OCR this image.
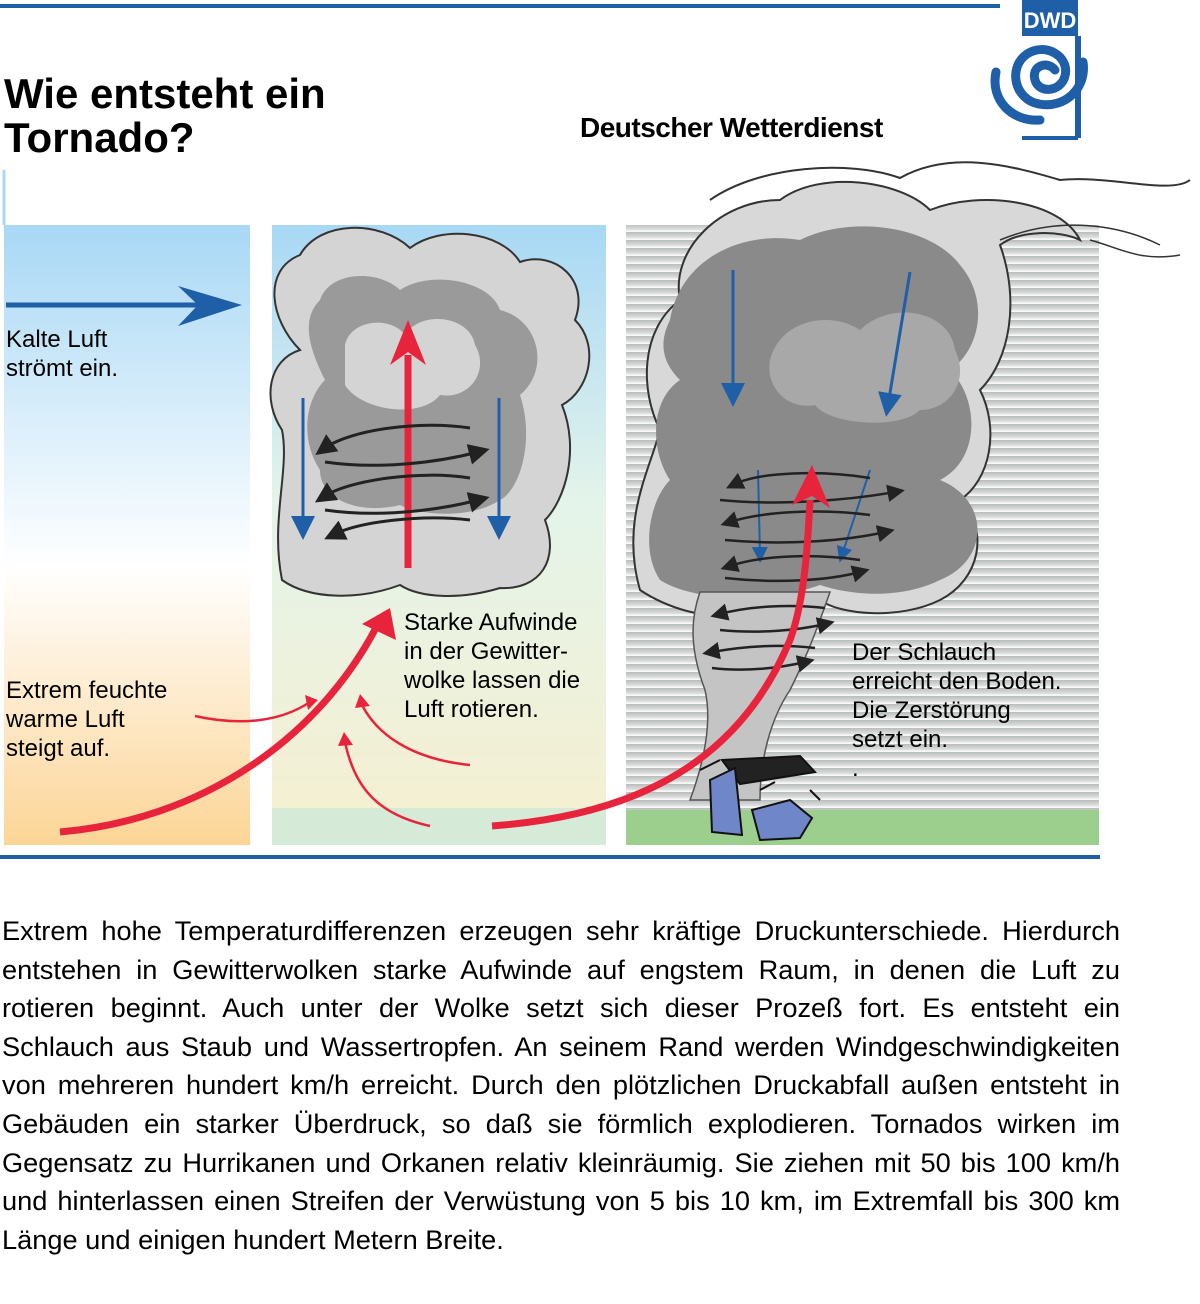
Wie entsteht ein Tornado?	Deutscher Wetterdienst
DWD
Kalte Luft
strömt ein.
Extrem feuchte
warme Luft
steigt auf.
Starke Aufwinde
in der Gewitter-
wolke lassen die
Luft rotieren.
Der Schlauch
erreicht den Boden.
Die Zerstörung
setzt ein.
.

Extrem hohe Temperaturdifferenzen erzeugen sehr kräftige Druckunterschiede. Hierdurch entstehen in Gewitterwolken starke Aufwinde auf engstem Raum, in denen die Luft zu rotieren beginnt. Auch unter der Wolke setzt sich dieser Prozeß fort. Es entsteht ein Schlauch aus Staub und Wassertropfen. An seinem Rand werden Windgeschwindigkeiten von mehreren hundert km/h erreicht. Durch den plötzlichen Druckabfall außen entsteht in Gebäuden ein starker Überdruck, so daß sie förmlich explodieren. Tornados wirken im Gegensatz zu Hurrikanen und Orkanen relativ kleinräumig. Sie ziehen mit 50 bis 100 km/h und hinterlassen einen Streifen der Verwüstung von 5 bis 10 km, im Extremfall bis 300 km Länge und einigen hundert Metern Breite.
